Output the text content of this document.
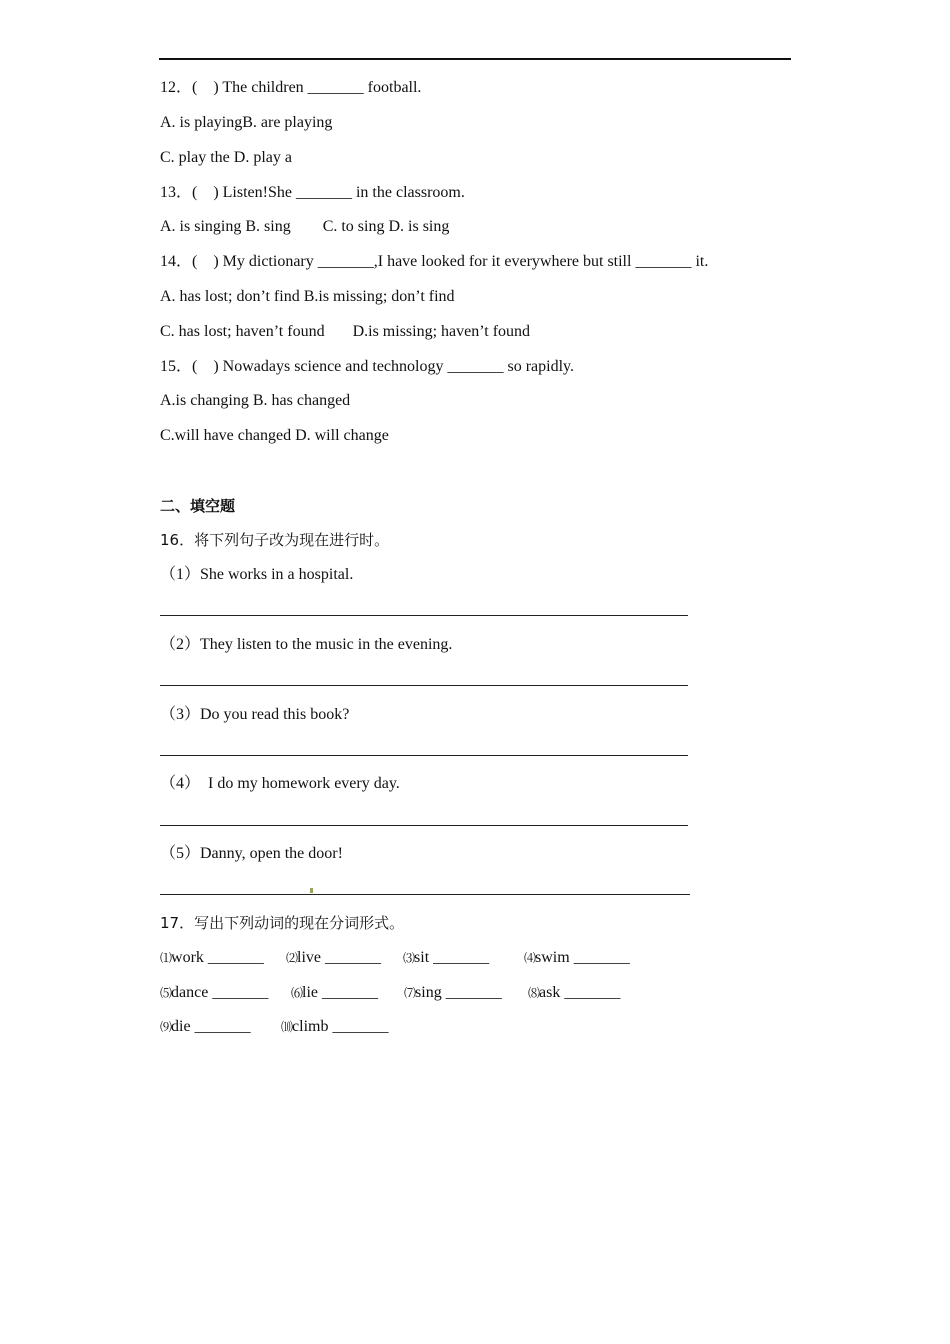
12．(    ) The children _______ football.
A. is playingB. are playing
C. play the D. play a
13．(    ) Listen!She _______ in the classroom.
A. is singing B. sing        C. to sing D. is sing
14．(    ) My dictionary _______,I have looked for it everywhere but still _______ it.
A. has lost; don’t find B.is missing; don’t find
C. has lost; haven’t found       D.is missing; haven’t found
15．(    ) Nowadays science and technology _______ so rapidly.
A.is changing B. has changed
C.will have changed D. will change
二、填空题
16．将下列句子改为现在进行时。
（1）She works in a hospital.
（2）They listen to the music in the evening.
（3）Do you read this book?
（4）  I do my homework every day.
（5）Danny, open the door!
17．写出下列动词的现在分词形式。
⑴work _______ ⑵live _______ ⑶sit _______	⑷swim _______
⑸dance _______ ⑹lie _______ ⑺sing _______ ⑻ask _______
⑼die _______	⑽climb _______
